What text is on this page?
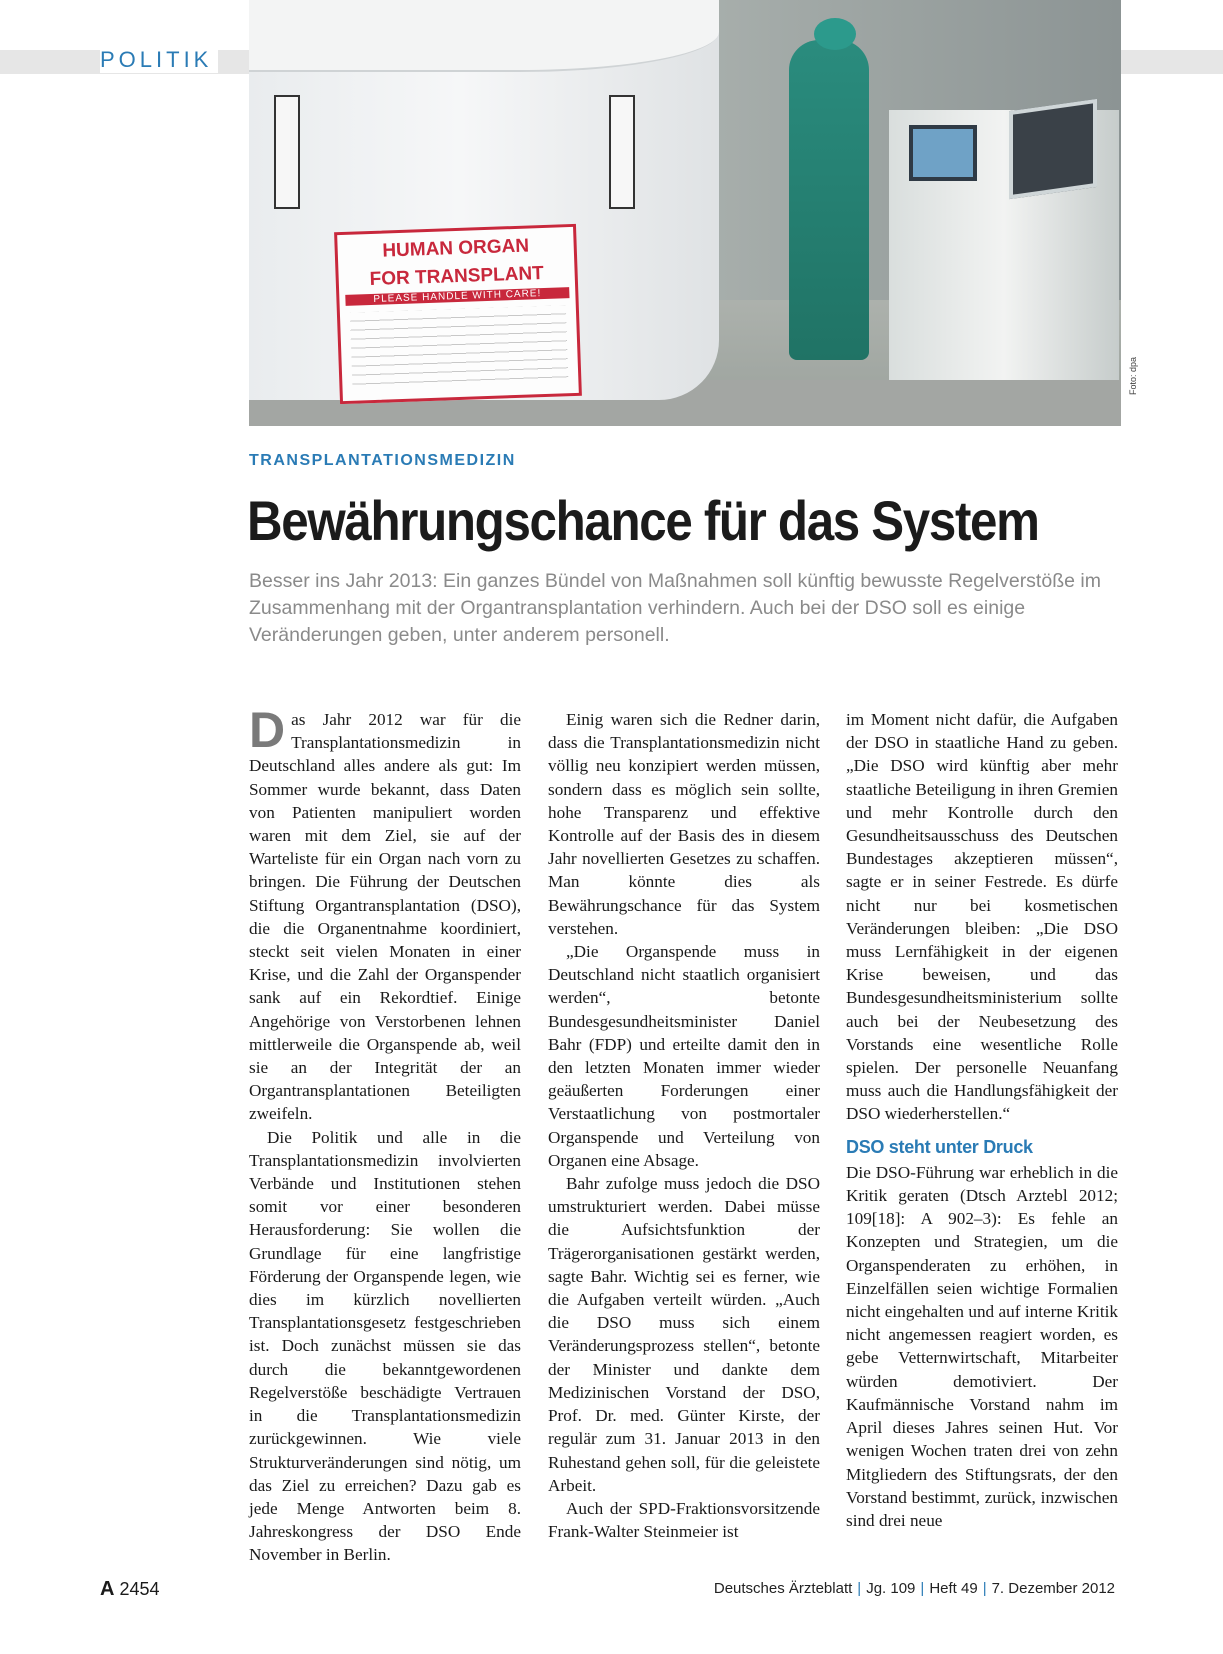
POLITIK
HUMAN ORGAN
FOR TRANSPLANT
PLEASE HANDLE WITH CARE!
Foto: dpa
TRANSPLANTATIONSMEDIZIN
Bewährungschance für das System
Besser ins Jahr 2013: Ein ganzes Bündel von Maßnahmen soll künftig bewusste Regelverstöße im Zusammenhang mit der Organtransplantation verhindern. Auch bei der DSO soll es einige Veränderungen geben, unter anderem personell.

Das Jahr 2012 war für die Transplantationsmedizin in Deutschland alles andere als gut: Im Sommer wurde bekannt, dass Daten von Patienten manipuliert worden waren mit dem Ziel, sie auf der Warteliste für ein Organ nach vorn zu bringen. Die Führung der Deutschen Stiftung Organtransplantation (DSO), die die Organentnahme koordiniert, steckt seit vielen Monaten in einer Krise, und die Zahl der Organspender sank auf ein Rekordtief. Einige Angehörige von Verstorbenen lehnen mittlerweile die Organspende ab, weil sie an der Integrität der an Organtransplantationen Beteiligten zweifeln.

Die Politik und alle in die Transplantationsmedizin involvierten Verbände und Institutionen stehen somit vor einer besonderen Herausforderung: Sie wollen die Grundlage für eine langfristige Förderung der Organspende legen, wie dies im kürzlich novellierten Transplantationsgesetz festgeschrieben ist. Doch zunächst müssen sie das durch die bekanntgewordenen Regelverstöße beschädigte Vertrauen in die Transplantationsmedizin zurückgewinnen. Wie viele Strukturveränderungen sind nötig, um das Ziel zu erreichen? Dazu gab es jede Menge Antworten beim 8. Jahreskongress der DSO Ende November in Berlin.

Einig waren sich die Redner darin, dass die Transplantationsmedizin nicht völlig neu konzipiert werden müssen, sondern dass es möglich sein sollte, hohe Transparenz und effektive Kontrolle auf der Basis des in diesem Jahr novellierten Gesetzes zu schaffen. Man könnte dies als Bewährungschance für das System verstehen.

„Die Organspende muss in Deutschland nicht staatlich organisiert werden“, betonte Bundesgesundheitsminister Daniel Bahr (FDP) und erteilte damit den in den letzten Monaten immer wieder geäußerten Forderungen einer Verstaatlichung von postmortaler Organspende und Verteilung von Organen eine Absage.

Bahr zufolge muss jedoch die DSO umstrukturiert werden. Dabei müsse die Aufsichtsfunktion der Trägerorganisationen gestärkt werden, sagte Bahr. Wichtig sei es ferner, wie die Aufgaben verteilt würden. „Auch die DSO muss sich einem Veränderungsprozess stellen“, betonte der Minister und dankte dem Medizinischen Vorstand der DSO, Prof. Dr. med. Günter Kirste, der regulär zum 31. Januar 2013 in den Ruhestand gehen soll, für die geleistete Arbeit.

Auch der SPD-Fraktionsvorsitzende Frank-Walter Steinmeier ist

im Moment nicht dafür, die Aufgaben der DSO in staatliche Hand zu geben. „Die DSO wird künftig aber mehr staatliche Beteiligung in ihren Gremien und mehr Kontrolle durch den Gesundheitsausschuss des Deutschen Bundestages akzeptieren müssen“, sagte er in seiner Festrede. Es dürfe nicht nur bei kosmetischen Veränderungen bleiben: „Die DSO muss Lernfähigkeit in der eigenen Krise beweisen, und das Bundesgesundheitsministerium sollte auch bei der Neubesetzung des Vorstands eine wesentliche Rolle spielen. Der personelle Neuanfang muss auch die Handlungsfähigkeit der DSO wiederherstellen.“

DSO steht unter Druck

Die DSO-Führung war erheblich in die Kritik geraten (Dtsch Arztebl 2012; 109[18]: A 902–3): Es fehle an Konzepten und Strategien, um die Organspenderaten zu erhöhen, in Einzelfällen seien wichtige Formalien nicht eingehalten und auf interne Kritik nicht angemessen reagiert worden, es gebe Vetternwirtschaft, Mitarbeiter würden demotiviert. Der Kaufmännische Vorstand nahm im April dieses Jahres seinen Hut. Vor wenigen Wochen traten drei von zehn Mitgliedern des Stiftungsrats, der den Vorstand bestimmt, zurück, inzwischen sind drei neue

A 2454	Deutsches Ärzteblatt | Jg. 109 | Heft 49 | 7. Dezember 2012
